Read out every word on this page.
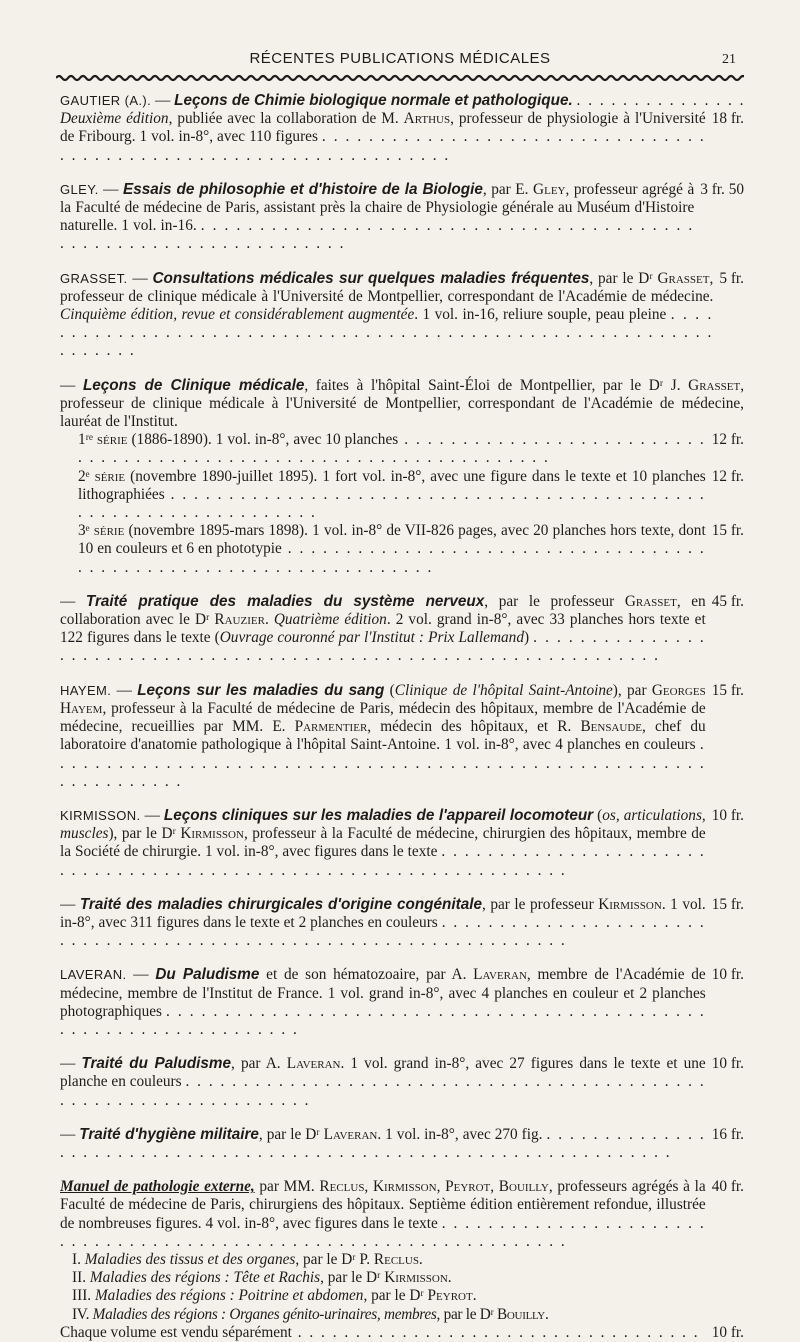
RÉCENTES PUBLICATIONS MÉDICALES	21

GAUTIER (A.). — Leçons de Chimie biologique normale et pathologique. . . .

Deuxième édition, publiée avec la collaboration de M. Arthus, professeur de physiologie à l'Université de Fribourg. 1 vol. in-8°, avec 110 figures . . .
18 fr.

GLEY. — Essais de philosophie et d'histoire de la Biologie, par E. Gley, professeur agrégé à la Faculté de médecine de Paris, assistant près la chaire de Physiologie générale au Muséum d'Histoire naturelle. 1 vol. in-16. . . .
3 fr. 50

GRASSET. — Consultations médicales sur quelques maladies fréquentes, par le Dʳ Grasset, professeur de clinique médicale à l'Université de Montpellier, correspondant de l'Académie de médecine. Cinquième édition, revue et considérablement augmentée. 1 vol. in-16, reliure souple, peau pleine . . .
5 fr.

— Leçons de Clinique médicale, faites à l'hôpital Saint-Éloi de Montpellier, par le Dʳ J. Grasset, professeur de clinique médicale à l'Université de Montpellier, correspondant de l'Académie de médecine, lauréat de l'Institut.

1ʳᵉ série (1886-1890). 1 vol. in-8°, avec 10 planches . . .	12 fr.

2ᵉ série (novembre 1890-juillet 1895). 1 fort vol. in-8°, avec une figure dans le texte et 10 planches lithographiées . . .
12 fr.

3ᵉ série (novembre 1895-mars 1898). 1 vol. in-8° de VII-826 pages, avec 20 planches hors texte, dont 10 en couleurs et 6 en phototypie . . .
15 fr.

— Traité pratique des maladies du système nerveux, par le professeur Grasset, en collaboration avec le Dʳ Rauzier. Quatrième édition. 2 vol. grand in-8°, avec 33 planches hors texte et 122 figures dans le texte (Ouvrage couronné par l'Institut : Prix Lallemand) . . .
45 fr.

HAYEM. — Leçons sur les maladies du sang (Clinique de l'hôpital Saint-Antoine), par Georges Hayem, professeur à la Faculté de médecine de Paris, médecin des hôpitaux, membre de l'Académie de médecine, recueillies par MM. E. Parmentier, médecin des hôpitaux, et R. Bensaude, chef du laboratoire d'anatomie pathologique à l'hôpital Saint-Antoine. 1 vol. in-8°, avec 4 planches en couleurs . . .
15 fr.

KIRMISSON. — Leçons cliniques sur les maladies de l'appareil locomoteur (os, articulations, muscles), par le Dʳ Kirmisson, professeur à la Faculté de médecine, chirurgien des hôpitaux, membre de la Société de chirurgie. 1 vol. in-8°, avec figures dans le texte . . .
10 fr.

— Traité des maladies chirurgicales d'origine congénitale, par le professeur Kirmisson. 1 vol. in-8°, avec 311 figures dans le texte et 2 planches en couleurs . . .
15 fr.

LAVERAN. — Du Paludisme et de son hématozoaire, par A. Laveran, membre de l'Académie de médecine, membre de l'Institut de France. 1 vol. grand in-8°, avec 4 planches en couleur et 2 planches photographiques . . .
10 fr.

— Traité du Paludisme, par A. Laveran. 1 vol. grand in-8°, avec 27 figures dans le texte et une planche en couleurs . . .
10 fr.

— Traité d'hygiène militaire, par le Dʳ Laveran. 1 vol. in-8°, avec 270 fig. . . .	16 fr.

Manuel de pathologie externe, par MM. Reclus, Kirmisson, Peyrot, Bouilly, professeurs agrégés à la Faculté de médecine de Paris, chirurgiens des hôpitaux. Septième édition entièrement refondue, illustrée de nombreuses figures. 4 vol. in-8°, avec figures dans le texte . . .
40 fr.

I. Maladies des tissus et des organes, par le Dʳ P. Reclus.

II. Maladies des régions : Tête et Rachis, par le Dʳ Kirmisson.

III. Maladies des régions : Poitrine et abdomen, par le Dʳ Peyrot.

IV. Maladies des régions : Organes génito-urinaires, membres, par le Dʳ Bouilly.

Chaque volume est vendu séparément . . .	10 fr.
